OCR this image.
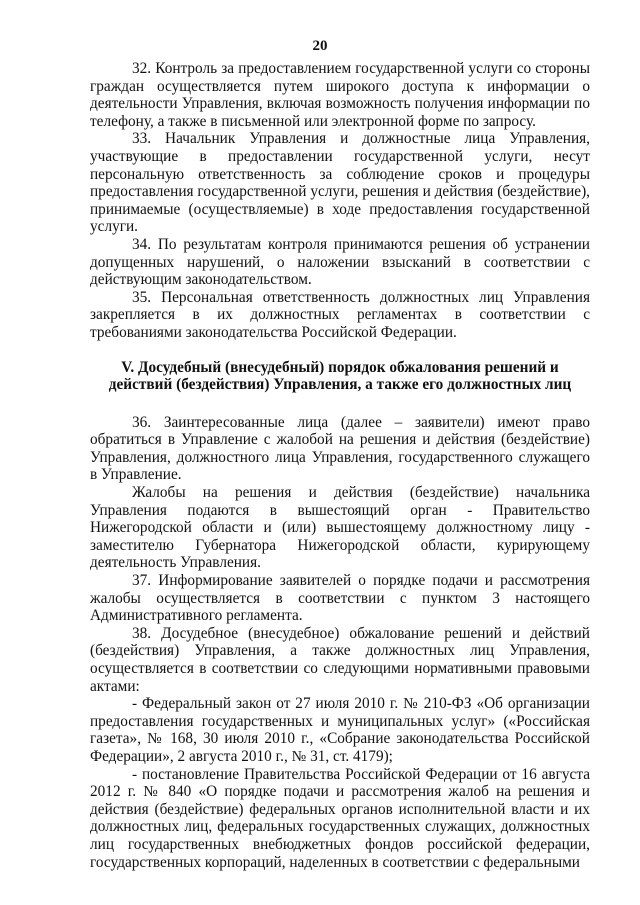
20

32. Контроль за предоставлением государственной услуги со стороны граждан осуществляется путем широкого доступа к информации о деятельности Управления, включая возможность получения информации по телефону, а также в письменной или электронной форме по запросу.

33. Начальник Управления и должностные лица Управления, участвующие в предоставлении государственной услуги, несут персональную ответственность за соблюдение сроков и процедуры предоставления государственной услуги, решения и действия (бездействие), принимаемые (осуществляемые) в ходе предоставления государственной услуги.

34. По результатам контроля принимаются решения об устранении допущенных нарушений, о наложении взысканий в соответствии с действующим законодательством.

35. Персональная ответственность должностных лиц Управления закрепляется в их должностных регламентах в соответствии с требованиями законодательства Российской Федерации.

V. Досудебный (внесудебный) порядок обжалования решений и действий (бездействия) Управления, а также его должностных лиц

36. Заинтересованные лица (далее – заявители) имеют право обратиться в Управление с жалобой на решения и действия (бездействие) Управления, должностного лица Управления, государственного служащего в Управление.

Жалобы на решения и действия (бездействие) начальника Управления подаются в вышестоящий орган - Правительство Нижегородской области и (или) вышестоящему должностному лицу - заместителю Губернатора Нижегородской области, курирующему деятельность Управления.

37. Информирование заявителей о порядке подачи и рассмотрения жалобы осуществляется в соответствии с пунктом 3 настоящего Административного регламента.

38. Досудебное (внесудебное) обжалование решений и действий (бездействия) Управления, а также должностных лиц Управления, осуществляется в соответствии со следующими нормативными правовыми актами:

- Федеральный закон от 27 июля 2010 г. № 210-ФЗ «Об организации предоставления государственных и муниципальных услуг» («Российская газета», № 168, 30 июля 2010 г., «Собрание законодательства Российской Федерации», 2 августа 2010 г., № 31, ст. 4179);

- постановление Правительства Российской Федерации от 16 августа 2012 г. № 840 «О порядке подачи и рассмотрения жалоб на решения и действия (бездействие) федеральных органов исполнительной власти и их должностных лиц, федеральных государственных служащих, должностных лиц государственных внебюджетных фондов российской федерации, государственных корпораций, наделенных в соответствии с федеральными
